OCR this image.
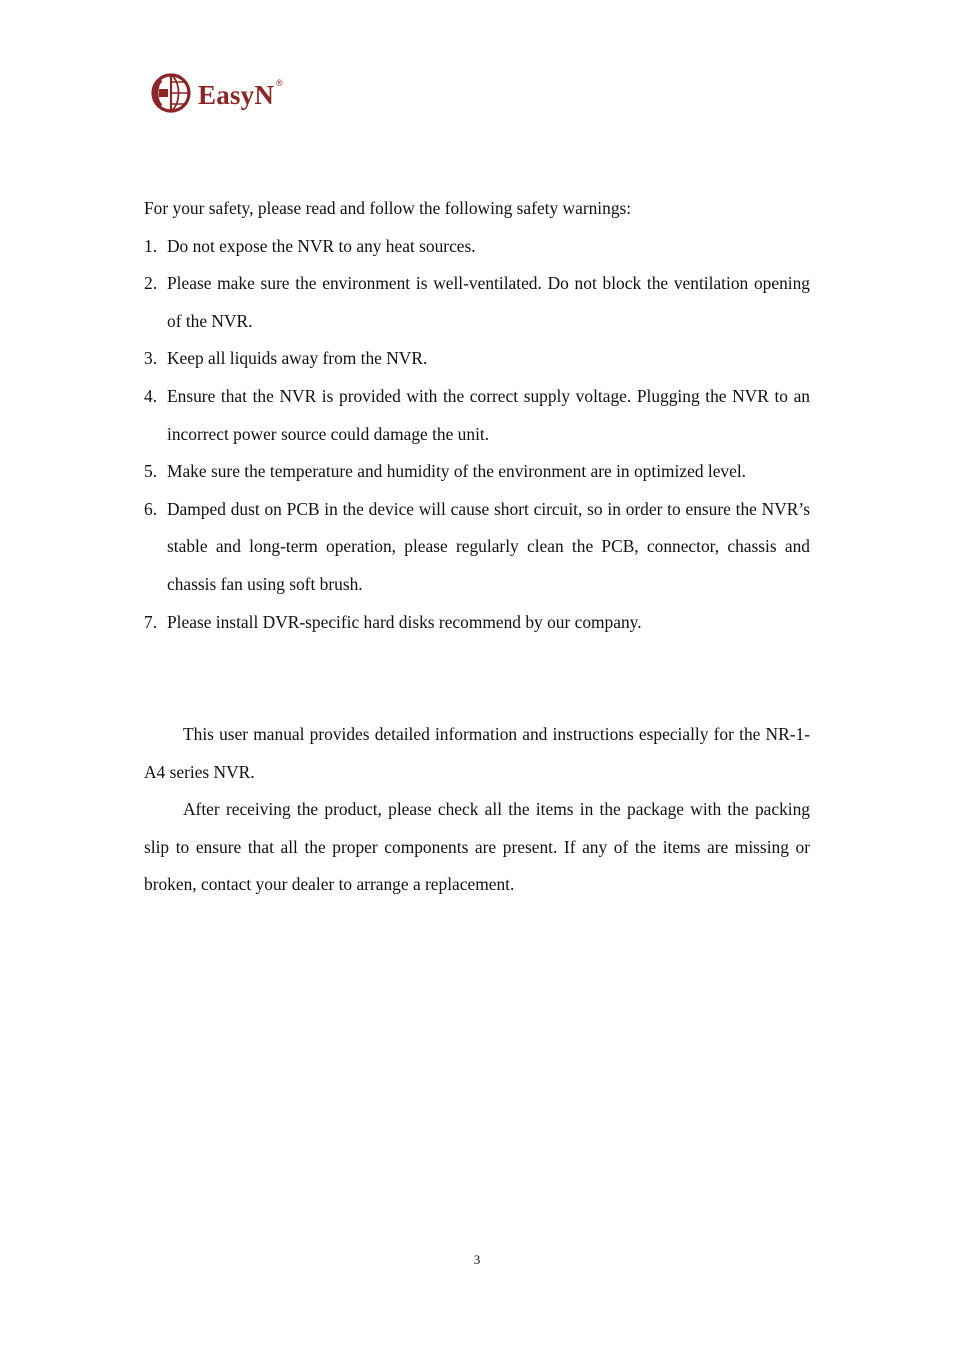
EasyN ®

For your safety, please read and follow the following safety warnings:

1. Do not expose the NVR to any heat sources.
2. Please make sure the environment is well-ventilated. Do not block the ventilation opening of the NVR.
3. Keep all liquids away from the NVR.
4. Ensure that the NVR is provided with the correct supply voltage. Plugging the NVR to an incorrect power source could damage the unit.
5. Make sure the temperature and humidity of the environment are in optimized level.
6. Damped dust on PCB in the device will cause short circuit, so in order to ensure the NVR’s stable and long-term operation, please regularly clean the PCB, connector, chassis and chassis fan using soft brush.
7. Please install DVR-specific hard disks recommend by our company.

This user manual provides detailed information and instructions especially for the NR-1-A4 series NVR.

After receiving the product, please check all the items in the package with the packing slip to ensure that all the proper components are present. If any of the items are missing or broken, contact your dealer to arrange a replacement.

3
